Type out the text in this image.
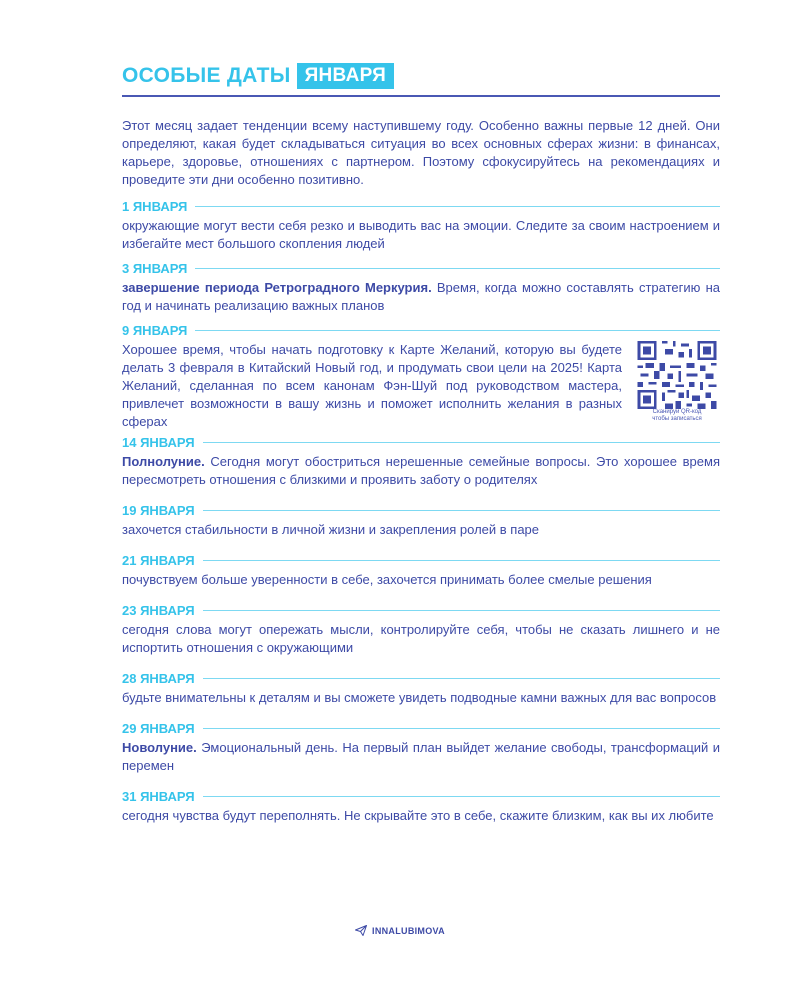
ОСОБЫЕ ДАТЫ ЯНВАРЯ
Этот месяц задает тенденции всему наступившему году. Особенно важны первые 12 дней. Они определяют, какая будет складываться ситуация во всех основных сферах жизни: в финансах, карьере, здоровье, отношениях с партнером. Поэтому сфокусируйтесь на рекомендациях и проведите эти дни особенно позитивно.
1 ЯНВАРЯ
окружающие могут вести себя резко и выводить вас на эмоции. Следите за своим настроением и избегайте мест большого скопления людей
3 ЯНВАРЯ
завершение периода Ретроградного Меркурия. Время, когда можно составлять стратегию на год и начинать реализацию важных планов
9 ЯНВАРЯ
Хорошее время, чтобы начать подготовку к Карте Желаний, которую вы будете делать 3 февраля в Китайский Новый год, и продумать свои цели на 2025! Карта Желаний, сделанная по всем канонам Фэн-Шуй под руководством мастера, привлечет возможности в вашу жизнь и поможет исполнить желания в разных сферах
Сканируй QR-код
чтобы записаться
14 ЯНВАРЯ
Полнолуние. Сегодня могут обостриться нерешенные семейные вопросы. Это хорошее время пересмотреть отношения с близкими и проявить заботу о родителях
19 ЯНВАРЯ
захочется стабильности в личной жизни и закрепления ролей в паре
21 ЯНВАРЯ
почувствуем больше уверенности в себе, захочется принимать более смелые решения
23 ЯНВАРЯ
сегодня слова могут опережать мысли, контролируйте себя, чтобы не сказать лишнего и не испортить отношения с окружающими
28 ЯНВАРЯ
будьте внимательны к деталям и вы сможете увидеть подводные камни важных для вас вопросов
29 ЯНВАРЯ
Новолуние. Эмоциональный день. На первый план выйдет желание свободы, трансформаций и перемен
31 ЯНВАРЯ
сегодня чувства будут переполнять. Не скрывайте это в себе, скажите близким, как вы их любите
INNALUBIMOVA
